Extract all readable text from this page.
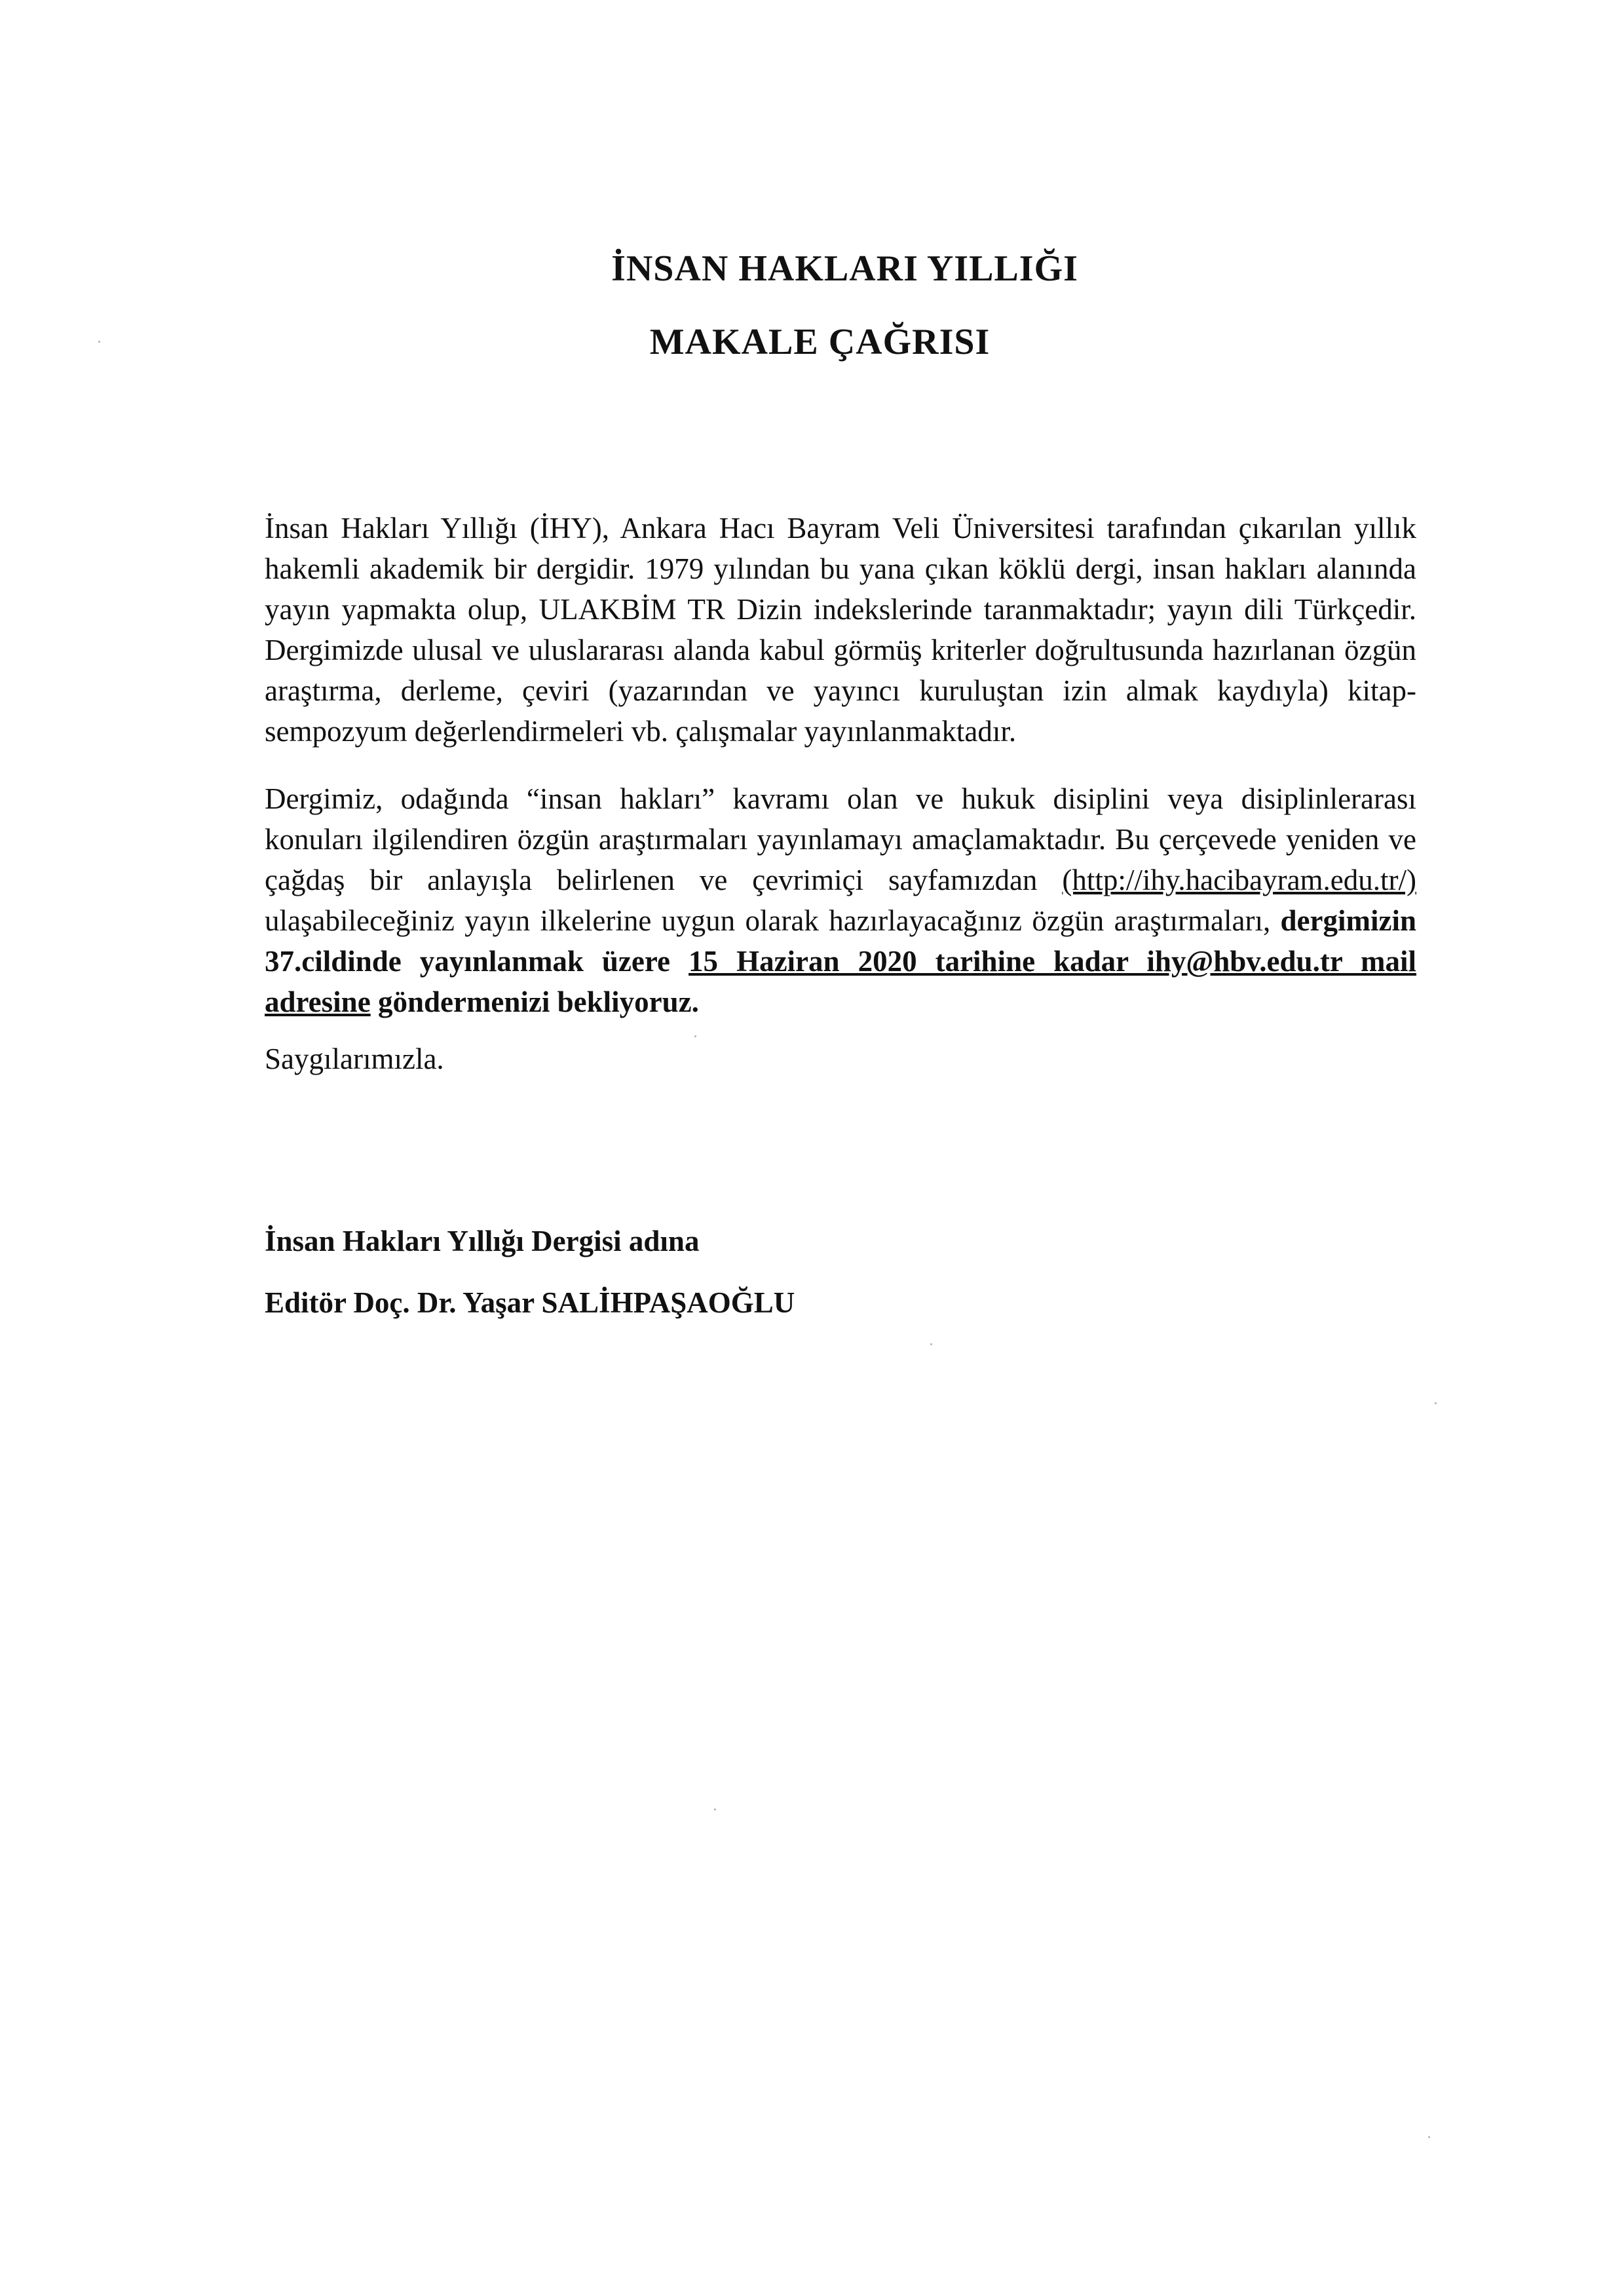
İNSAN HAKLARI YILLIĞI
MAKALE ÇAĞRISI

İnsan Hakları Yıllığı (İHY), Ankara Hacı Bayram Veli Üniversitesi tarafından çıkarılan yıllık hakemli akademik bir dergidir. 1979 yılından bu yana çıkan köklü dergi, insan hakları alanında yayın yapmakta olup, ULAKBİM TR Dizin indekslerinde taranmaktadır; yayın dili Türkçedir. Dergimizde ulusal ve uluslararası alanda kabul görmüş kriterler doğrultusunda hazırlanan özgün araştırma, derleme, çeviri (yazarından ve yayıncı kuruluştan izin almak kaydıyla) kitap-sempozyum değerlendirmeleri vb. çalışmalar yayınlanmaktadır.

Dergimiz, odağında “insan hakları” kavramı olan ve hukuk disiplini veya disiplinlerarası konuları ilgilendiren özgün araştırmaları yayınlamayı amaçlamaktadır. Bu çerçevede yeniden ve çağdaş bir anlayışla belirlenen ve çevrimiçi sayfamızdan (http://ihy.hacibayram.edu.tr/) ulaşabileceğiniz yayın ilkelerine uygun olarak hazırlayacağınız özgün araştırmaları, dergimizin 37.cildinde yayınlanmak üzere 15 Haziran 2020 tarihine kadar ihy@hbv.edu.tr mail adresine göndermenizi bekliyoruz.

Saygılarımızla.

İnsan Hakları Yıllığı Dergisi adına

Editör Doç. Dr. Yaşar SALİHPAŞAOĞLU
